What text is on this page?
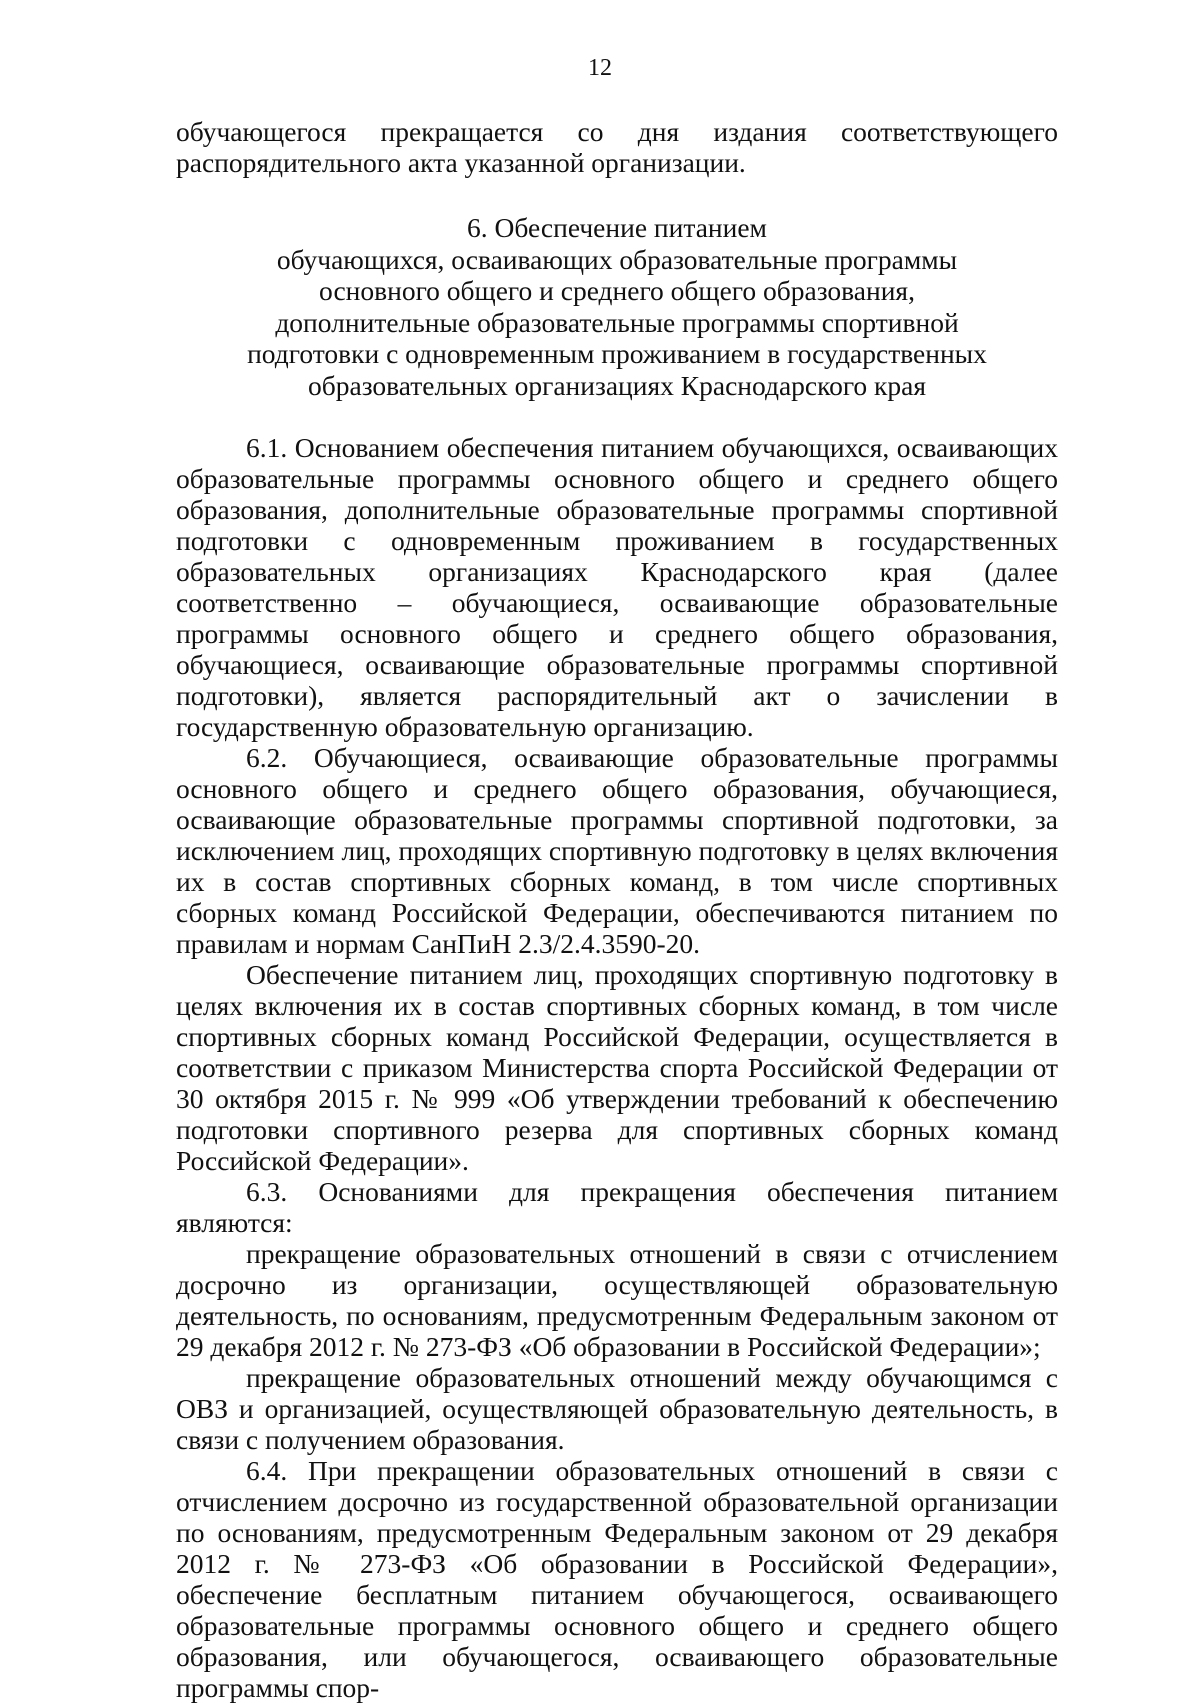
12

обучающегося прекращается со дня издания соответствующего распорядительного акта указанной организации.

6. Обеспечение питанием

обучающихся, осваивающих образовательные программы

основного общего и среднего общего образования,

дополнительные образовательные программы спортивной

подготовки с одновременным проживанием в государственных

образовательных организациях Краснодарского края

6.1. Основанием обеспечения питанием обучающихся, осваивающих образовательные программы основного общего и среднего общего образования, дополнительные образовательные программы спортивной подготовки с одновременным проживанием в государственных образовательных организациях Краснодарского края (далее соответственно – обучающиеся, осваивающие образовательные программы основного общего и среднего общего образования, обучающиеся, осваивающие образовательные программы спортивной подготовки), является распорядительный акт о зачислении в государственную образовательную организацию.

6.2. Обучающиеся, осваивающие образовательные программы основного общего и среднего общего образования, обучающиеся, осваивающие образовательные программы спортивной подготовки, за исключением лиц, проходящих спортивную подготовку в целях включения их в состав спортивных сборных команд, в том числе спортивных сборных команд Российской Федерации, обеспечиваются питанием по правилам и нормам СанПиН 2.3/2.4.3590-20.

Обеспечение питанием лиц, проходящих спортивную подготовку в целях включения их в состав спортивных сборных команд, в том числе спортивных сборных команд Российской Федерации, осуществляется в соответствии с приказом Министерства спорта Российской Федерации от 30 октября 2015 г. № 999 «Об утверждении требований к обеспечению подготовки спортивного резерва для спортивных сборных команд Российской Федерации».

6.3. Основаниями для прекращения обеспечения питанием являются:

прекращение образовательных отношений в связи с отчислением досрочно из организации, осуществляющей образовательную деятельность, по основаниям, предусмотренным Федеральным законом от 29 декабря 2012 г. № 273-ФЗ «Об образовании в Российской Федерации»;

прекращение образовательных отношений между обучающимся с ОВЗ и организацией, осуществляющей образовательную деятельность, в связи с получением образования.

6.4. При прекращении образовательных отношений в связи с отчислением досрочно из государственной образовательной организации по основаниям, предусмотренным Федеральным законом от 29 декабря 2012 г. № 273-ФЗ «Об образовании в Российской Федерации», обеспечение бесплатным питанием обучающегося, осваивающего образовательные программы основного общего и среднего общего образования, или обучающегося, осваивающего образовательные программы спор-
